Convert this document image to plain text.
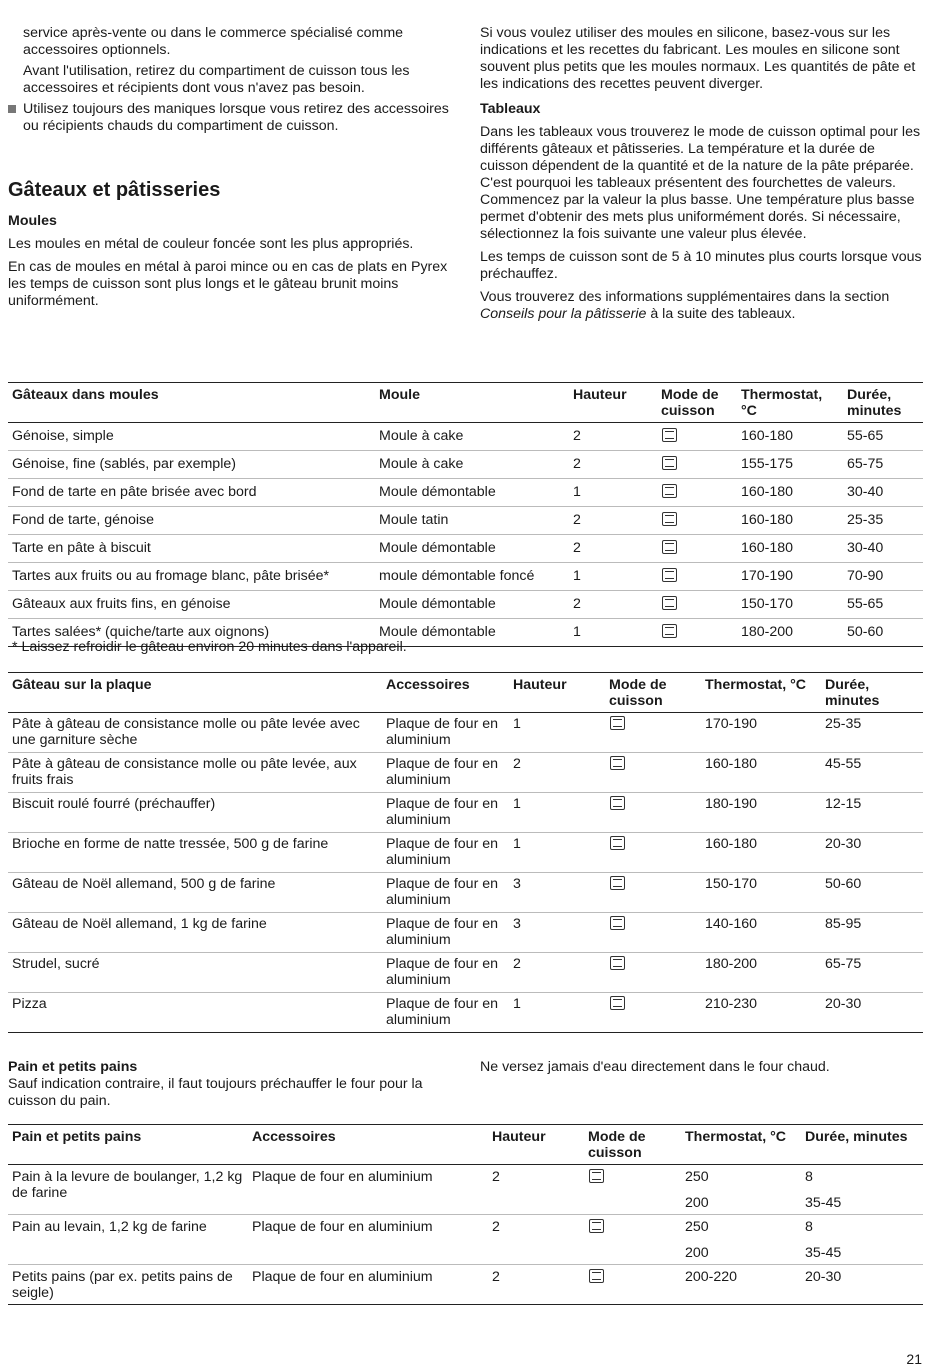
service après-vente ou dans le commerce spécialisé comme accessoires optionnels.

Avant l'utilisation, retirez du compartiment de cuisson tous les accessoires et récipients dont vous n'avez pas besoin.

Utilisez toujours des maniques lorsque vous retirez des accessoires ou récipients chauds du compartiment de cuisson.

Gâteaux et pâtisseries
Moules

Les moules en métal de couleur foncée sont les plus appropriés.

En cas de moules en métal à paroi mince ou en cas de plats en Pyrex les temps de cuisson sont plus longs et le gâteau brunit moins uniformément.

Si vous voulez utiliser des moules en silicone, basez-vous sur les indications et les recettes du fabricant. Les moules en silicone sont souvent plus petits que les moules normaux. Les quantités de pâte et les indications des recettes peuvent diverger.

Tableaux

Dans les tableaux vous trouverez le mode de cuisson optimal pour les différents gâteaux et pâtisseries. La température et la durée de cuisson dépendent de la quantité et de la nature de la pâte préparée. C'est pourquoi les tableaux présentent des fourchettes de valeurs. Commencez par la valeur la plus basse. Une température plus basse permet d'obtenir des mets plus uniformément dorés. Si nécessaire, sélectionnez la fois suivante une valeur plus élevée.

Les temps de cuisson sont de 5 à 10 minutes plus courts lorsque vous préchauffez.

Vous trouverez des informations supplémentaires dans la section Conseils pour la pâtisserie à la suite des tableaux.

Gâteaux dans moules	Moule	Hauteur	Mode de cuisson	Thermostat, °C	Durée, minutes
Génoise, simple	Moule à cake	2		160-180	55-65
Génoise, fine (sablés, par exemple)	Moule à cake	2		155-175	65-75
Fond de tarte en pâte brisée avec bord	Moule démontable	1		160-180	30-40
Fond de tarte, génoise	Moule tatin	2		160-180	25-35
Tarte en pâte à biscuit	Moule démontable	2		160-180	30-40
Tartes aux fruits ou au fromage blanc, pâte brisée*	moule démontable foncé	1		170-190	70-90
Gâteaux aux fruits fins, en génoise	Moule démontable	2		150-170	55-65
Tartes salées* (quiche/tarte aux oignons)	Moule démontable	1		180-200	50-60

* Laissez refroidir le gâteau environ 20 minutes dans l'appareil.

Gâteau sur la plaque	Accessoires	Hauteur	Mode de cuisson	Thermostat, °C	Durée, minutes
Pâte à gâteau de consistance molle ou pâte levée avec une garniture sèche	Plaque de four en aluminium	1		170-190	25-35
Pâte à gâteau de consistance molle ou pâte levée, aux fruits frais	Plaque de four en aluminium	2		160-180	45-55
Biscuit roulé fourré (préchauffer)	Plaque de four en aluminium	1		180-190	12-15
Brioche en forme de natte tressée, 500 g de farine	Plaque de four en aluminium	1		160-180	20-30
Gâteau de Noël allemand, 500 g de farine	Plaque de four en aluminium	3		150-170	50-60
Gâteau de Noël allemand, 1 kg de farine	Plaque de four en aluminium	3		140-160	85-95
Strudel, sucré	Plaque de four en aluminium	2		180-200	65-75
Pizza	Plaque de four en aluminium	1		210-230	20-30
Pain et petits pains

Sauf indication contraire, il faut toujours préchauffer le four pour la cuisson du pain.

Ne versez jamais d'eau directement dans le four chaud.

Pain et petits pains	Accessoires	Hauteur	Mode de cuisson	Thermostat, °C	Durée, minutes
Pain à la levure de boulanger, 1,2 kg de farine	Plaque de four en aluminium	2		250	8
				200	35-45
Pain au levain, 1,2 kg de farine	Plaque de four en aluminium	2		250	8
				200	35-45
Petits pains (par ex. petits pains de seigle)	Plaque de four en aluminium	2		200-220	20-30
21
